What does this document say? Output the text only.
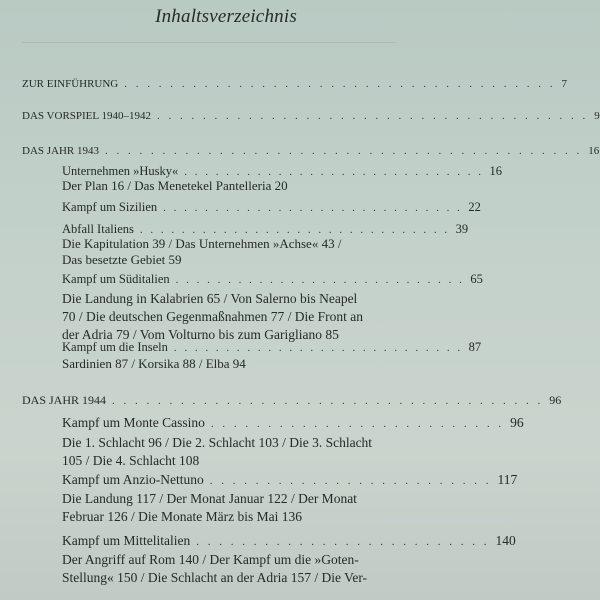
Inhaltsverzeichnis
ZUR EINFÜHRUNG . . . . . . . . . . . . . . . . . . . . . . . . . . . . . . . . . . . . . . 7
DAS VORSPIEL 1940–1942 . . . . . . . . . . . . . . . . . . . . . . . . . . . . . . . . . . . . . . 9
DAS JAHR 1943 . . . . . . . . . . . . . . . . . . . . . . . . . . . . . . . . . . . . . . . . . . 16
Unternehmen »Husky« . . . . . . . . . . . . . . . . . . . . . . . . . . . . . 16
Der Plan 16 / Das Menetekel Pantelleria 20
Kampf um Sizilien . . . . . . . . . . . . . . . . . . . . . . . . . . . . . 22
Abfall Italiens . . . . . . . . . . . . . . . . . . . . . . . . . . . . . . 39
Die Kapitulation 39 / Das Unternehmen »Achse« 43 /
Das besetzte Gebiet 59
Kampf um Süditalien . . . . . . . . . . . . . . . . . . . . . . . . . . . . 65
Die Landung in Kalabrien 65 / Von Salerno bis Neapel
70 / Die deutschen Gegenmaßnahmen 77 / Die Front an
der Adria 79 / Vom Volturno bis zum Garigliano 85
Kampf um die Inseln . . . . . . . . . . . . . . . . . . . . . . . . . . . . 87
Sardinien 87 / Korsika 88 / Elba 94
DAS JAHR 1944 . . . . . . . . . . . . . . . . . . . . . . . . . . . . . . . . . . . . . . 96
Kampf um Monte Cassino . . . . . . . . . . . . . . . . . . . . . . . . . . 96
Die 1. Schlacht 96 / Die 2. Schlacht 103 / Die 3. Schlacht
105 / Die 4. Schlacht 108
Kampf um Anzio-Nettuno . . . . . . . . . . . . . . . . . . . . . . . . . 117
Die Landung 117 / Der Monat Januar 122 / Der Monat
Februar 126 / Die Monate März bis Mai 136
Kampf um Mittelitalien . . . . . . . . . . . . . . . . . . . . . . . . . . 140
Der Angriff auf Rom 140 / Der Kampf um die »Goten-
Stellung« 150 / Die Schlacht an der Adria 157 / Die Ver-
